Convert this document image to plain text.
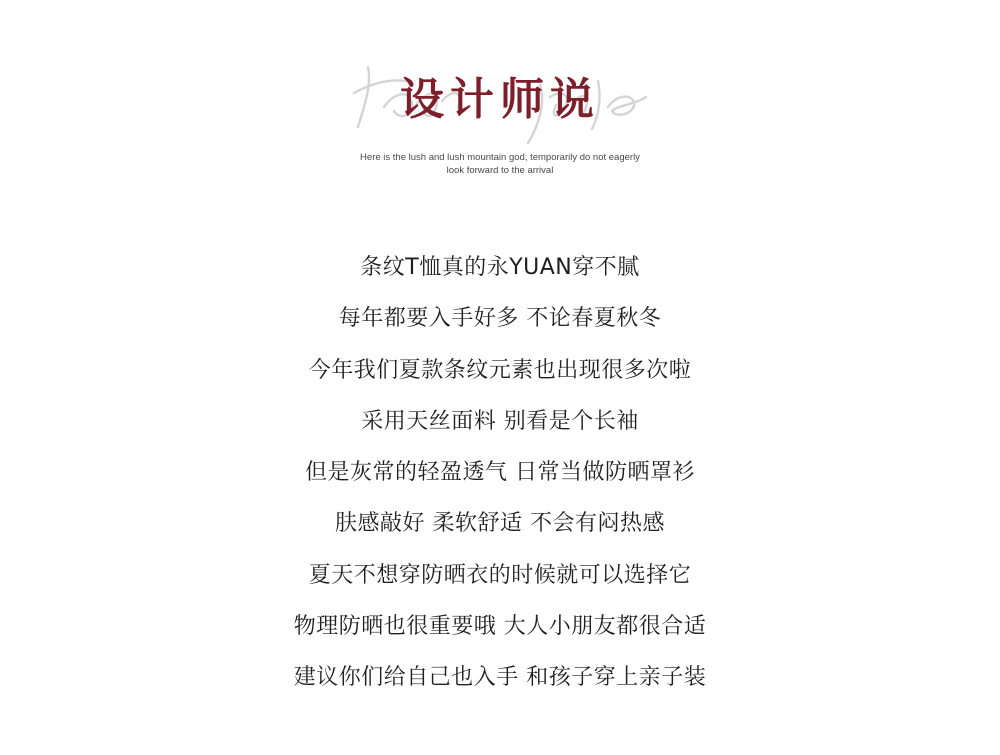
设计师说
Here is the lush and lush mountain god, temporarily do not eagerly
look forward to the arrival
条纹T恤真的永YUAN穿不腻
每年都要入手好多 不论春夏秋冬
今年我们夏款条纹元素也出现很多次啦
采用天丝面料 别看是个长袖
但是灰常的轻盈透气 日常当做防晒罩衫
肤感敲好 柔软舒适 不会有闷热感
夏天不想穿防晒衣的时候就可以选择它
物理防晒也很重要哦 大人小朋友都很合适
建议你们给自己也入手 和孩子穿上亲子装
